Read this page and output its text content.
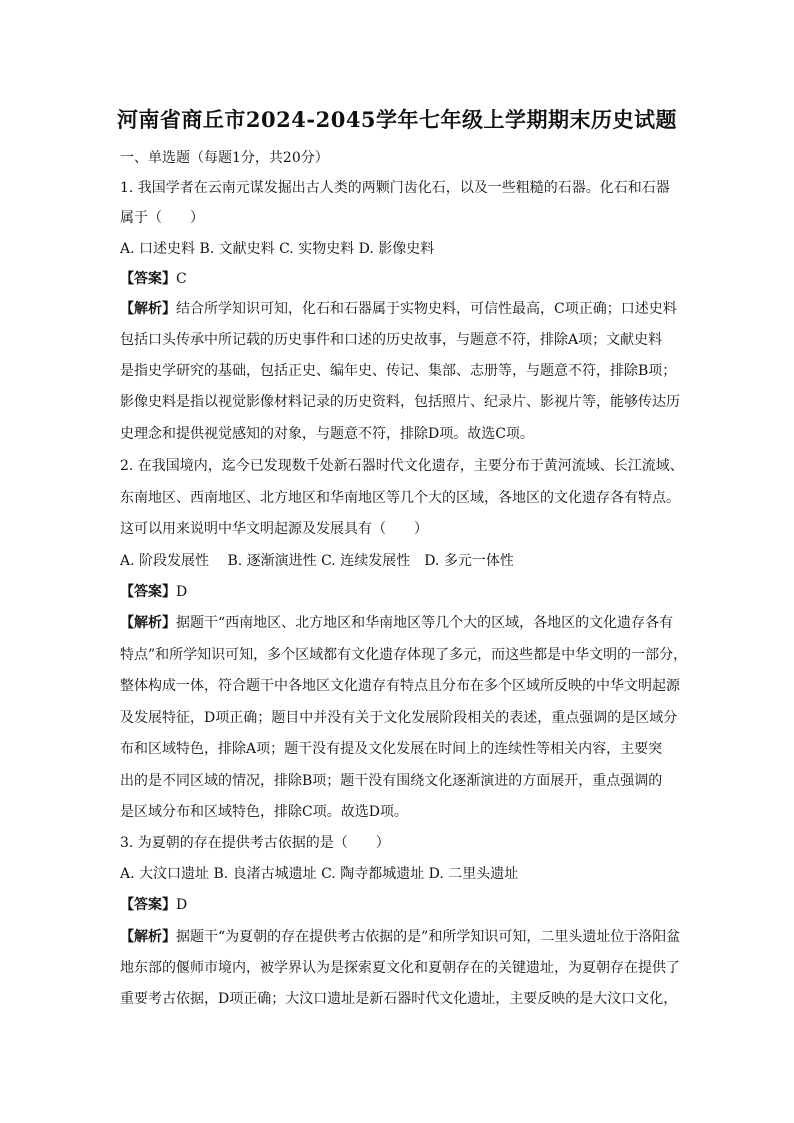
河南省商丘市2024-2045学年七年级上学期期末历史试题
一、单选题（每题1分，共20分）
1. 我国学者在云南元谋发掘出古人类的两颗门齿化石，以及一些粗糙的石器。化石和石器
属于（　　）
A. 口述史料 B. 文献史料 C. 实物史料 D. 影像史料
【答案】C
【解析】结合所学知识可知，化石和石器属于实物史料，可信性最高，C项正确；口述史料
包括口头传承中所记载的历史事件和口述的历史故事，与题意不符，排除A项；文献史料
是指史学研究的基础，包括正史、编年史、传记、集部、志册等，与题意不符，排除B项；
影像史料是指以视觉影像材料记录的历史资料，包括照片、纪录片、影视片等，能够传达历
史理念和提供视觉感知的对象，与题意不符，排除D项。故选C项。
2. 在我国境内，迄今已发现数千处新石器时代文化遗存，主要分布于黄河流域、长江流域、
东南地区、西南地区、北方地区和华南地区等几个大的区域，各地区的文化遗存各有特点。
这可以用来说明中华文明起源及发展具有（　　）
A. 阶段发展性　 B. 逐渐演进性 C. 连续发展性　D. 多元一体性
【答案】D
【解析】据题干“西南地区、北方地区和华南地区等几个大的区域，各地区的文化遗存各有
特点”和所学知识可知，多个区域都有文化遗存体现了多元，而这些都是中华文明的一部分，
整体构成一体，符合题干中各地区文化遗存有特点且分布在多个区域所反映的中华文明起源
及发展特征，D项正确；题目中并没有关于文化发展阶段相关的表述，重点强调的是区域分
布和区域特色，排除A项；题干没有提及文化发展在时间上的连续性等相关内容，主要突
出的是不同区域的情况，排除B项；题干没有围绕文化逐渐演进的方面展开，重点强调的
是区域分布和区域特色，排除C项。故选D项。
3. 为夏朝的存在提供考古依据的是（　　）
A. 大汶口遗址 B. 良渚古城遗址 C. 陶寺都城遗址 D. 二里头遗址
【答案】D
【解析】据题干“为夏朝的存在提供考古依据的是”和所学知识可知，二里头遗址位于洛阳盆
地东部的偃师市境内，被学界认为是探索夏文化和夏朝存在的关键遗址，为夏朝存在提供了
重要考古依据，D项正确；大汶口遗址是新石器时代文化遗址，主要反映的是大汶口文化，
